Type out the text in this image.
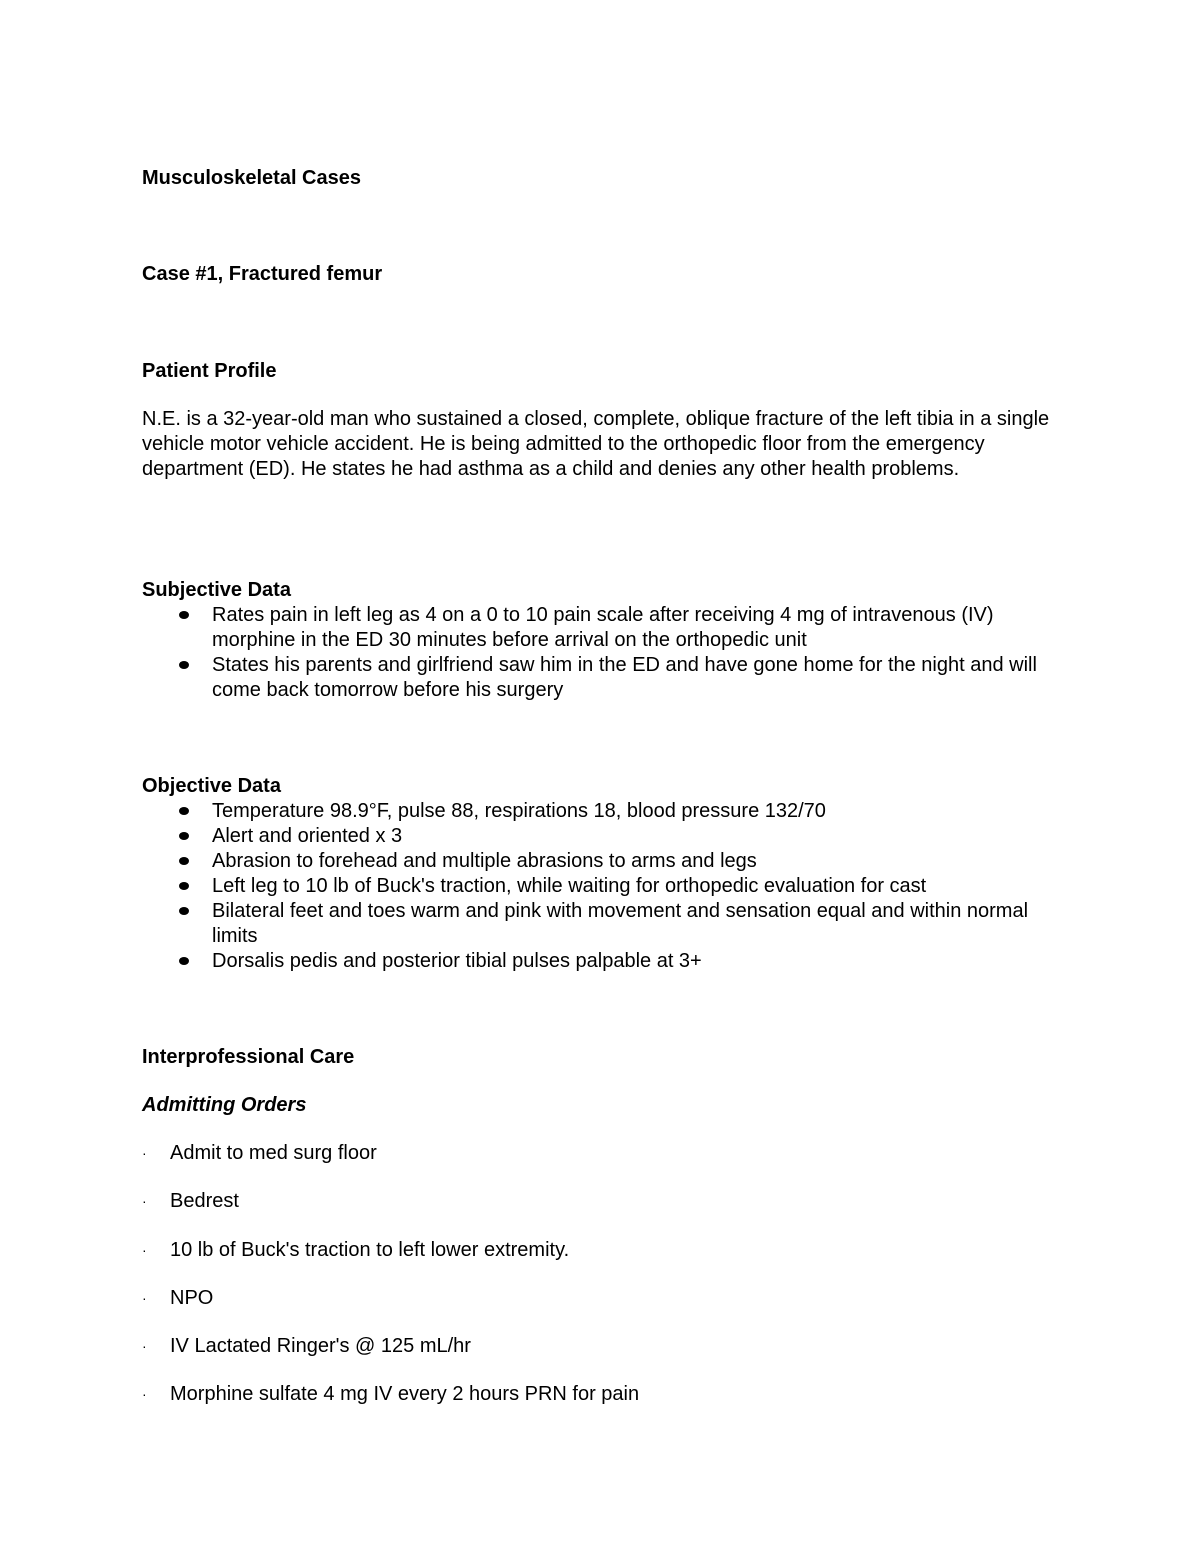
Musculoskeletal Cases
Case #1, Fractured femur
Patient Profile
N.E. is a 32-year-old man who sustained a closed, complete, oblique fracture of the left tibia in a single vehicle motor vehicle accident. He is being admitted to the orthopedic floor from the emergency department (ED). He states he had asthma as a child and denies any other health problems.
Subjective Data
Rates pain in left leg as 4 on a 0 to 10 pain scale after receiving 4 mg of intravenous (IV) morphine in the ED 30 minutes before arrival on the orthopedic unit
States his parents and girlfriend saw him in the ED and have gone home for the night and will come back tomorrow before his surgery
Objective Data
Temperature 98.9°F, pulse 88, respirations 18, blood pressure 132/70
Alert and oriented x 3
Abrasion to forehead and multiple abrasions to arms and legs
Left leg to 10 lb of Buck's traction, while waiting for orthopedic evaluation for cast
Bilateral feet and toes warm and pink with movement and sensation equal and within normal limits
Dorsalis pedis and posterior tibial pulses palpable at 3+
Interprofessional Care
Admitting Orders
· Admit to med surg floor
· Bedrest
· 10 lb of Buck's traction to left lower extremity.
· NPO
· IV Lactated Ringer's @ 125 mL/hr
· Morphine sulfate 4 mg IV every 2 hours PRN for pain
